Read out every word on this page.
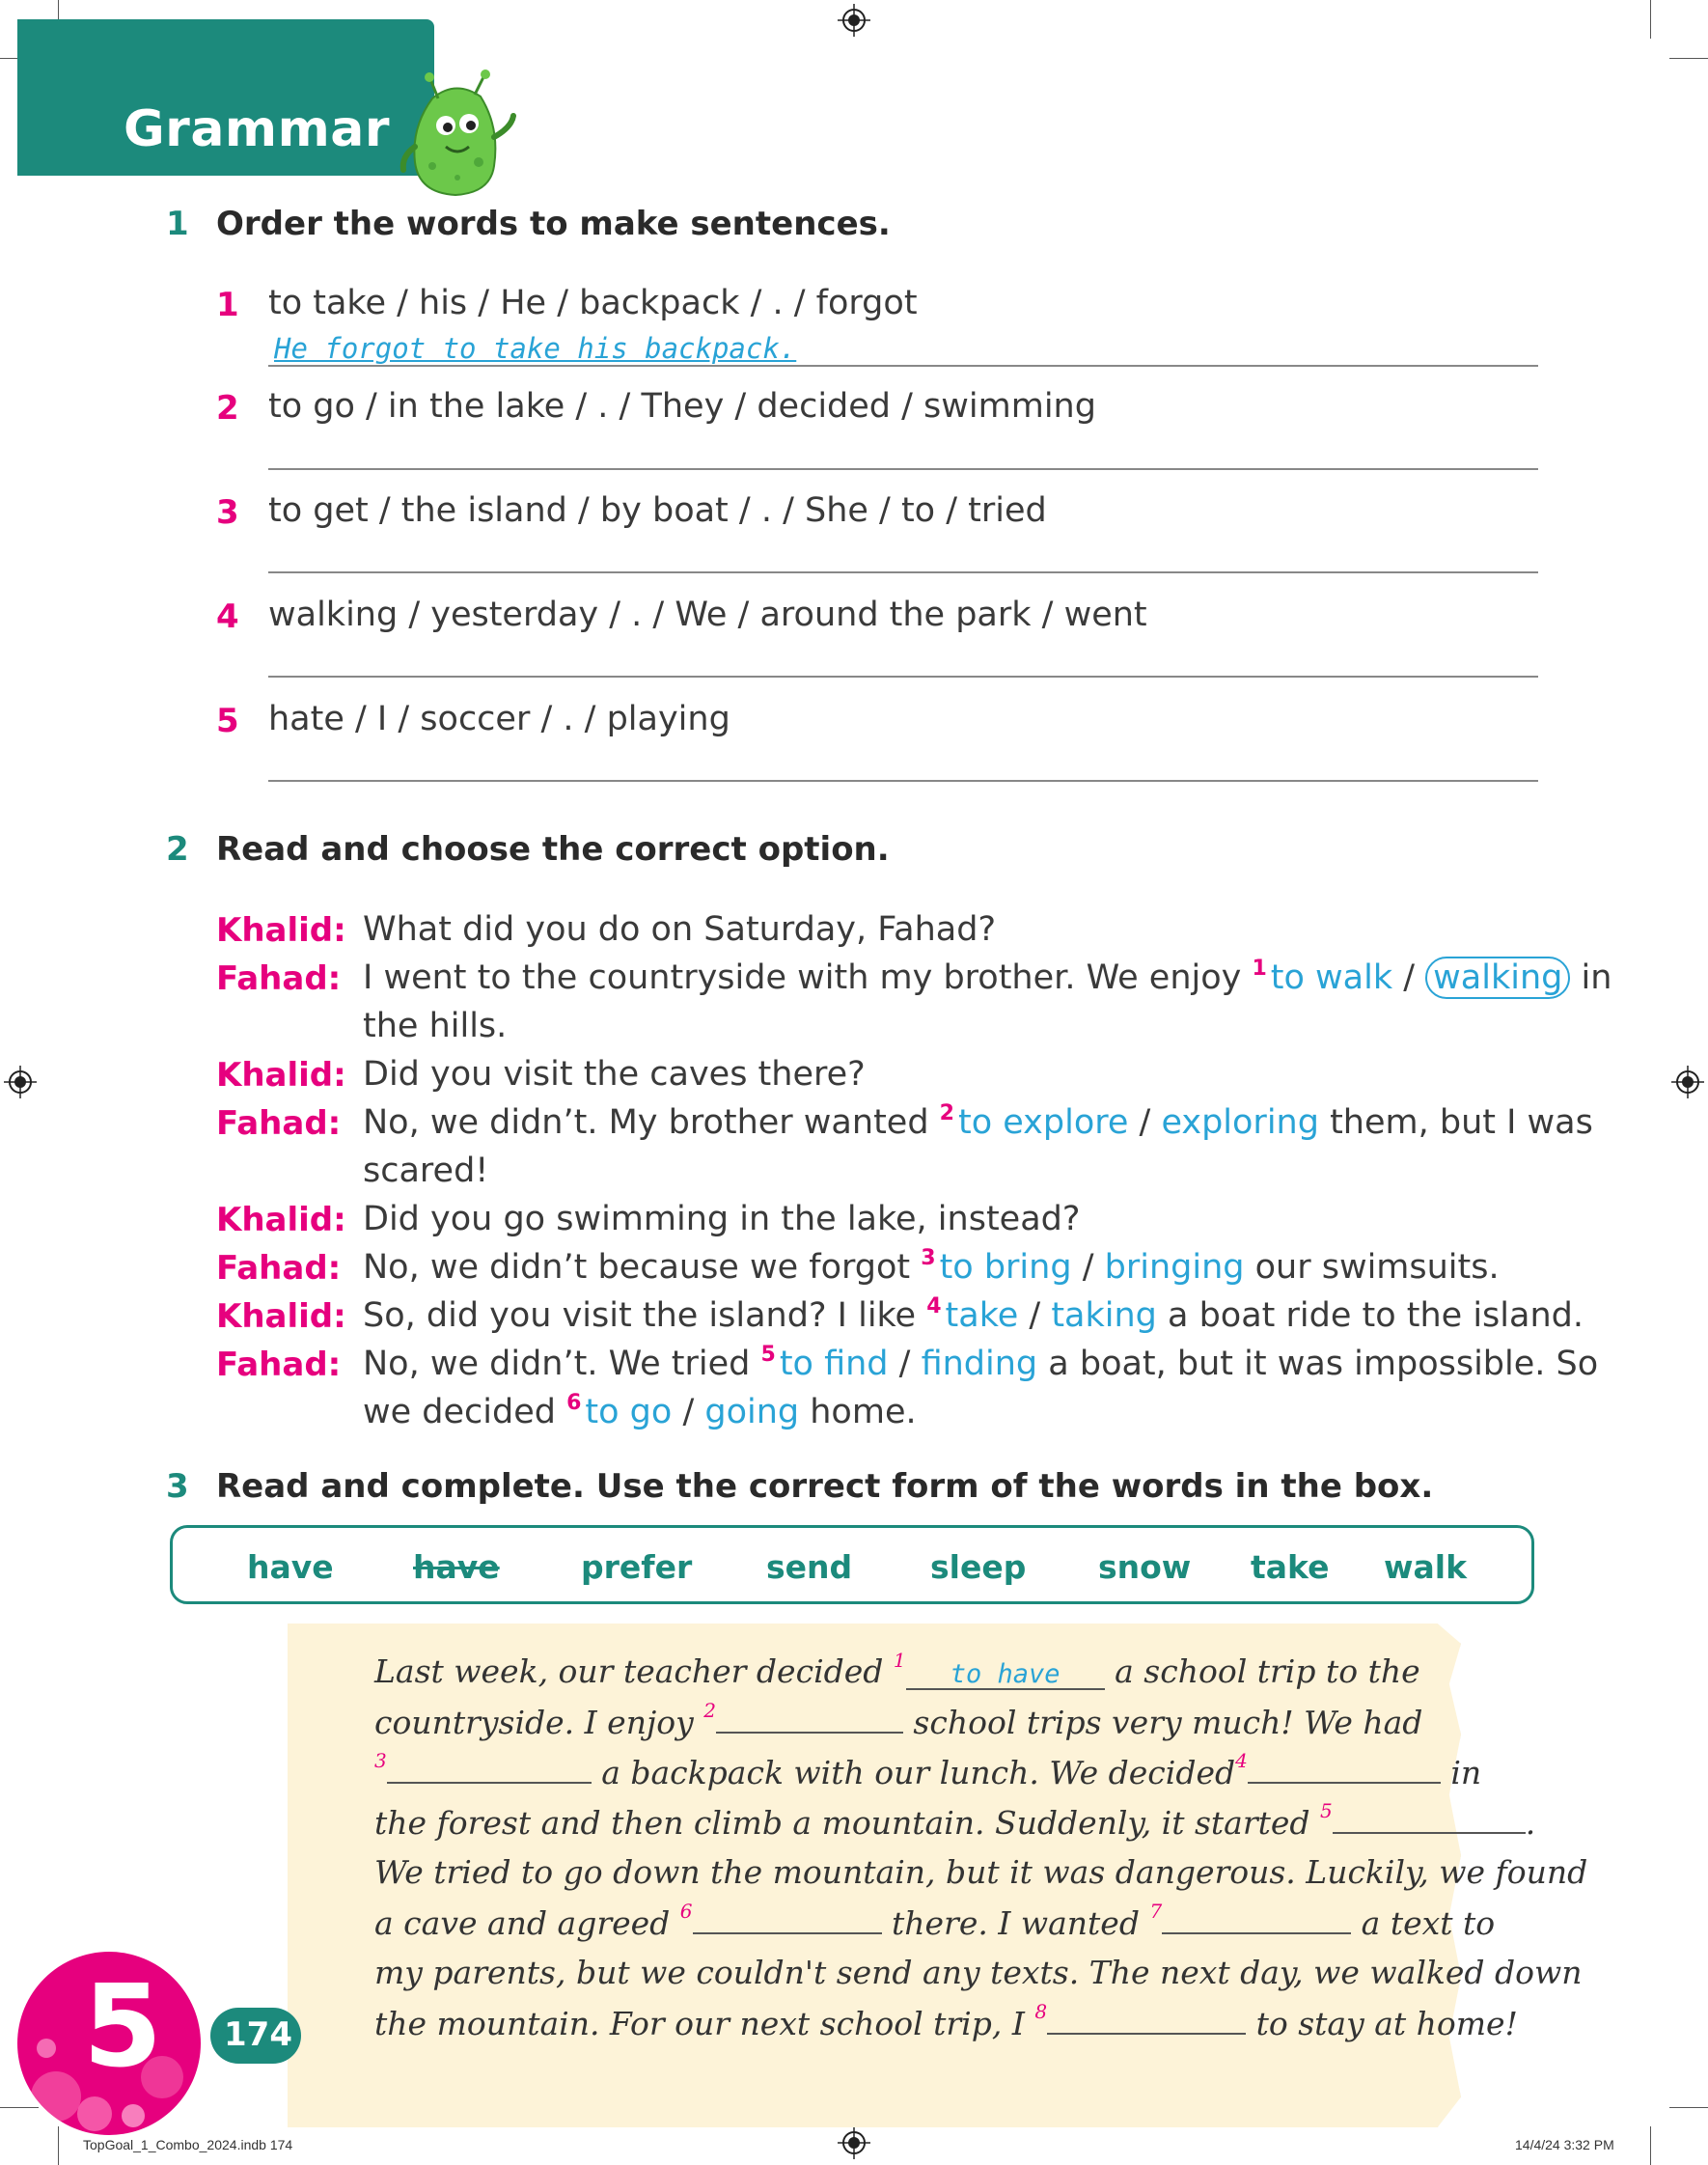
Grammar
1 Order the words to make sentences.
1 to take / his / He / backpack / . / forgot
He forgot to take his backpack.
2 to go / in the lake / . / They / decided / swimming
3 to get / the island / by boat / . / She / to / tried
4 walking / yesterday / . / We / around the park / went
5 hate / I / soccer / . / playing
2 Read and choose the correct option.
Khalid: What did you do on Saturday, Fahad?
Fahad: I went to the countryside with my brother. We enjoy $^1$ to walk / walking in
the hills.
Khalid: Did you visit the caves there?
Fahad: No, we didn’t. My brother wanted $^2$ to explore / exploring them, but I was
scared!
Khalid: Did you go swimming in the lake, instead?
Fahad: No, we didn’t because we forgot $^3$ to bring / bringing our swimsuits.
Khalid: So, did you visit the island? I like $^4$ take / taking a boat ride to the island.
Fahad: No, we didn’t. We tried $^5$ to find / finding a boat, but it was impossible. So
we decided $^6$ to go / going home.
3 Read and complete. Use the correct form of the words in the box.
have have	prefer send sleep snow take walk
Last week, our teacher decided $^1$ to have a school trip to the
countryside. I enjoy $^2$	school trips very much! We had
$^3$	a backpack with our lunch. We decided$^4$	in
the forest and then climb a mountain. Suddenly, it started $^5$	.
We tried to go down the mountain, but it was dangerous. Luckily, we found
a cave and agreed $^6$	there. I wanted $^7$	a text to
my parents, but we couldn't send any texts. The next day, we walked down
the mountain. For our next school trip, I $^8$	to stay at home!
5 174
TopGoal_1_Combo_2024.indb 174	14/4/24 3:32 PM
